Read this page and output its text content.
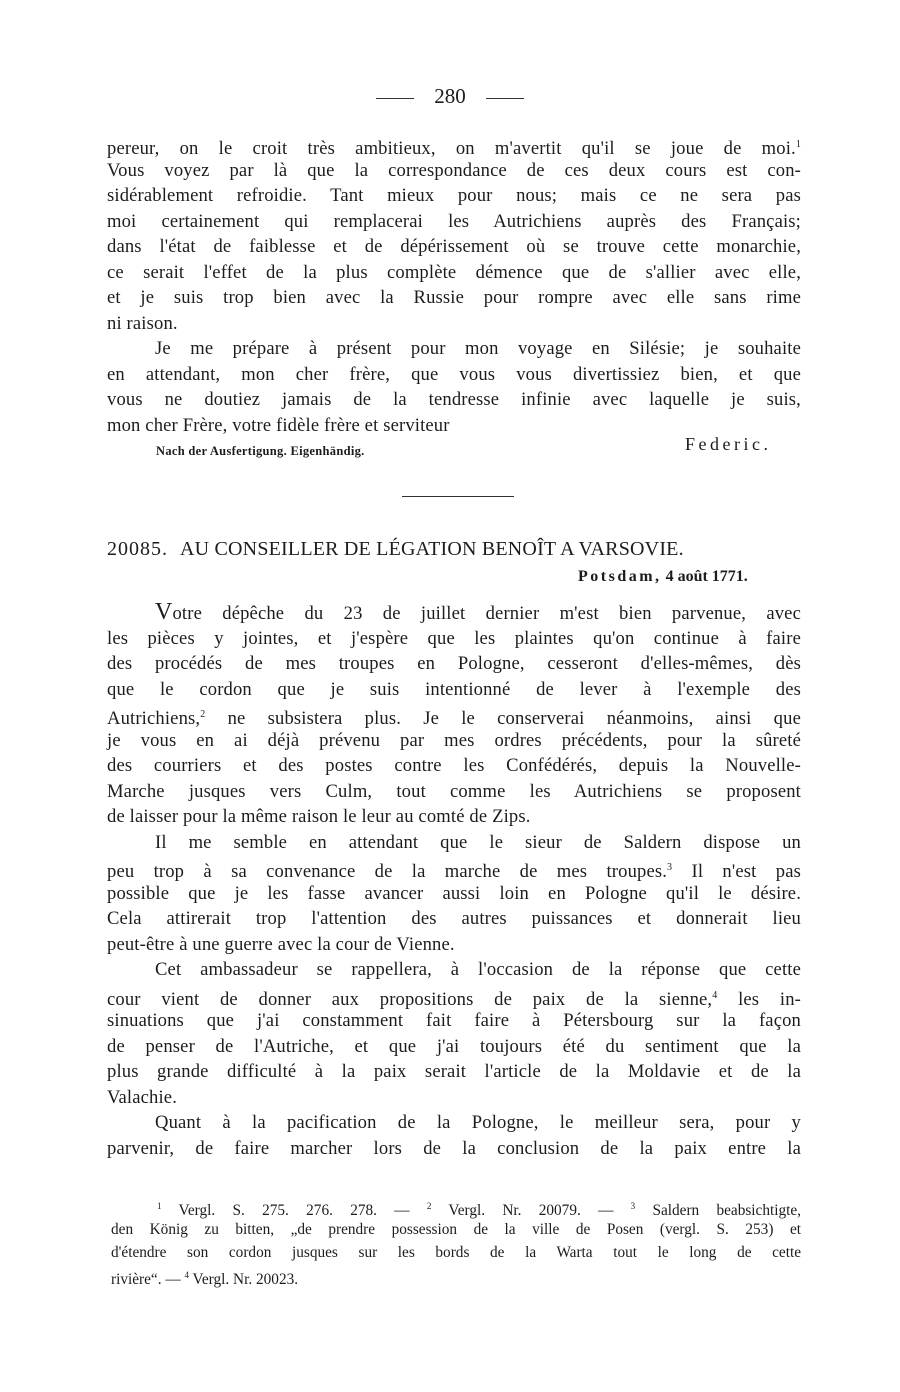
280
pereur, on le croit très ambitieux, on m'avertit qu'il se joue de moi.$^1$
Vous voyez par là que la correspondance de ces deux cours est con-
sidérablement refroidie. Tant mieux pour nous; mais ce ne sera pas
moi certainement qui remplacerai les Autrichiens auprès des Français;
dans l'état de faiblesse et de dépérissement où se trouve cette monarchie,
ce serait l'effet de la plus complète démence que de s'allier avec elle,
et je suis trop bien avec la Russie pour rompre avec elle sans rime
ni raison.
Je me prépare à présent pour mon voyage en Silésie; je souhaite
en attendant, mon cher frère, que vous vous divertissiez bien, et que
vous ne doutiez jamais de la tendresse infinie avec laquelle je suis,
mon cher Frère, votre fidèle frère et serviteur
Nach der Ausfertigung. Eigenhändig.	Federic.
20085. AU CONSEILLER DE LÉGATION BENOÎT A VARSOVIE.
Potsdam, 4 août 1771.
Votre dépêche du 23 de juillet dernier m'est bien parvenue, avec
les pièces y jointes, et j'espère que les plaintes qu'on continue à faire
des procédés de mes troupes en Pologne, cesseront d'elles-mêmes, dès
que le cordon que je suis intentionné de lever à l'exemple des
Autrichiens,$^2$ ne subsistera plus. Je le conserverai néanmoins, ainsi que
je vous en ai déjà prévenu par mes ordres précédents, pour la sûreté
des courriers et des postes contre les Confédérés, depuis la Nouvelle-
Marche jusques vers Culm, tout comme les Autrichiens se proposent
de laisser pour la même raison le leur au comté de Zips.
Il me semble en attendant que le sieur de Saldern dispose un
peu trop à sa convenance de la marche de mes troupes.$^3$ Il n'est pas
possible que je les fasse avancer aussi loin en Pologne qu'il le désire.
Cela attirerait trop l'attention des autres puissances et donnerait lieu
peut-être à une guerre avec la cour de Vienne.
Cet ambassadeur se rappellera, à l'occasion de la réponse que cette
cour vient de donner aux propositions de paix de la sienne,$^4$ les in-
sinuations que j'ai constamment fait faire à Pétersbourg sur la façon
de penser de l'Autriche, et que j'ai toujours été du sentiment que la
plus grande difficulté à la paix serait l'article de la Moldavie et de la
Valachie.
Quant à la pacification de la Pologne, le meilleur sera, pour y
parvenir, de faire marcher lors de la conclusion de la paix entre la
$^1$ Vergl. S. 275. 276. 278. — $^2$ Vergl. Nr. 20079. — $^3$ Saldern beabsichtigte,
den König zu bitten, „de prendre possession de la ville de Posen (vergl. S. 253) et
d'étendre son cordon jusques sur les bords de la Warta tout le long de cette
rivière“. — $^4$ Vergl. Nr. 20023.
